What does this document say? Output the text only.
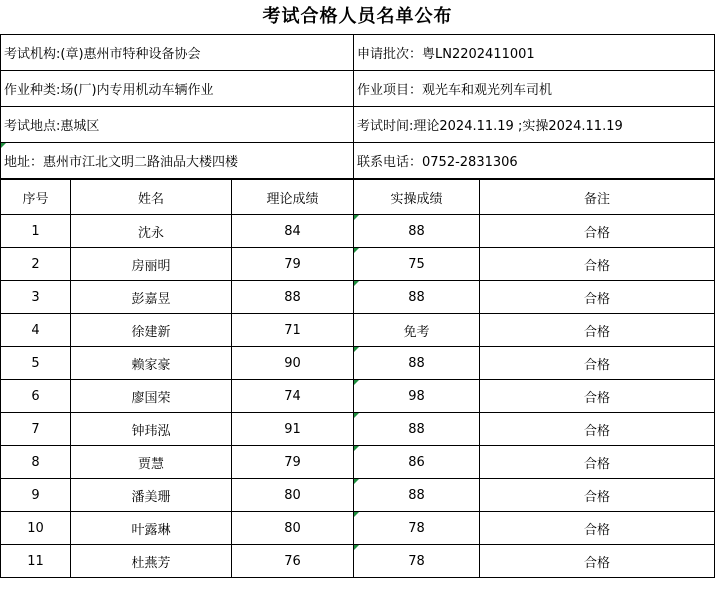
考试合格人员名单公布
考试机构:(章)惠州市特种设备协会	申请批次：粤LN2202411001
作业种类:场(厂)内专用机动车辆作业	作业项目：观光车和观光列车司机
考试地点:惠城区	考试时间:理论2024.11.19 ;实操2024.11.19
地址：惠州市江北文明二路油品大楼四楼	联系电话：0752-2831306
序号	姓名	理论成绩	实操成绩	备注
1	沈永	84	88	合格
2	房丽明	79	75	合格
3	彭嘉昱	88	88	合格
4	徐建新	71	免考	合格
5	赖家豪	90	88	合格
6	廖国荣	74	98	合格
7	钟玮泓	91	88	合格
8	贾慧	79	86	合格
9	潘美珊	80	88	合格
10	叶露琳	80	78	合格
11	杜燕芳	76	78	合格
